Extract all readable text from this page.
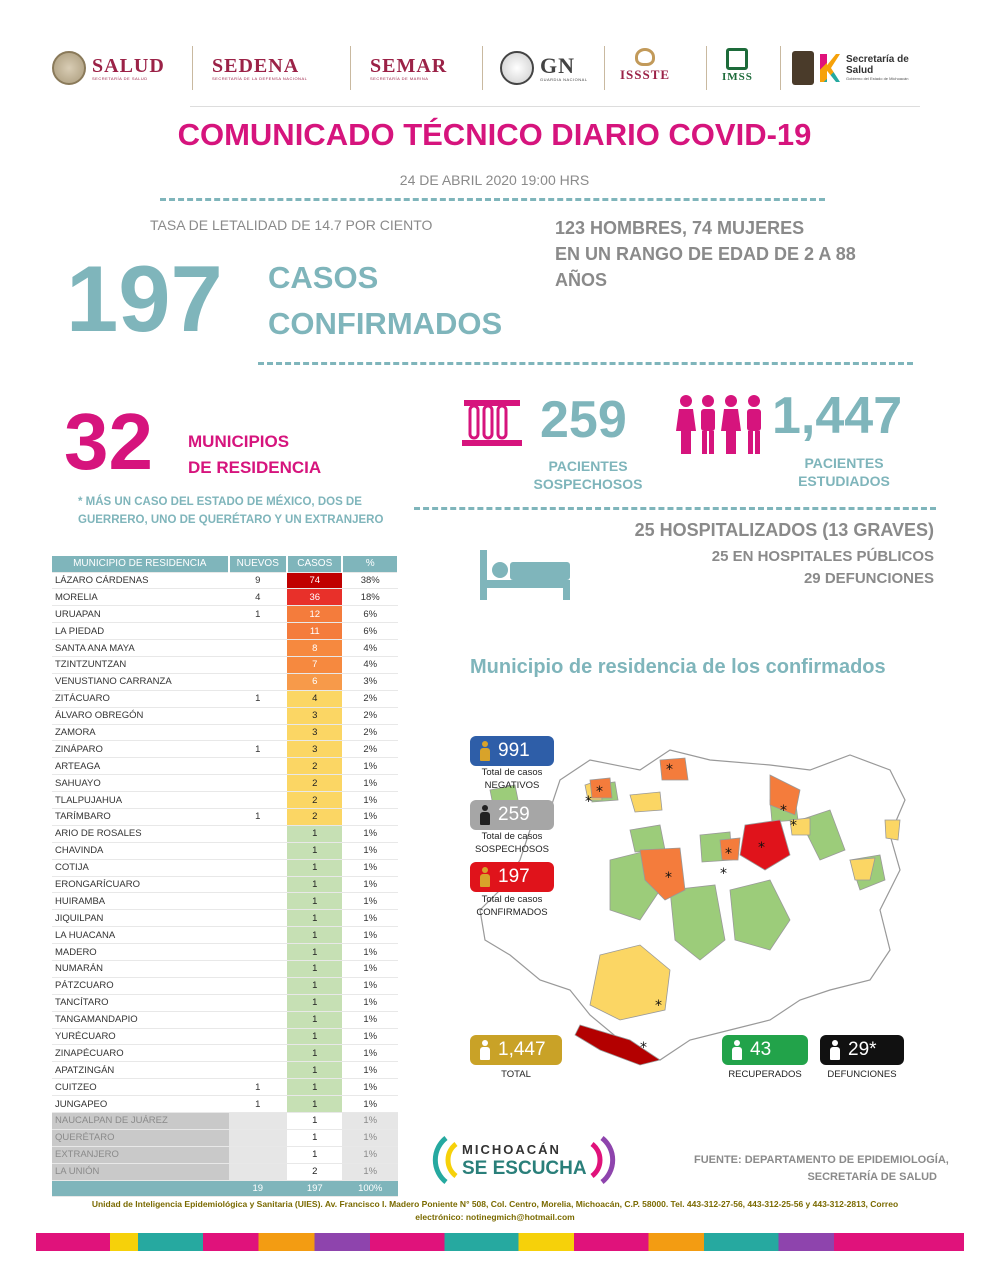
SALUD
SECRETARÍA DE SALUD
SEDENA
SECRETARÍA DE LA DEFENSA NACIONAL
SEMAR
SECRETARÍA DE MARINA
GN
GUARDIA NACIONAL ISSSTE	IMSS
Secretaría de Salud
Gobierno del Estado de Michoacán
COMUNICADO TÉCNICO DIARIO COVID-19
24 DE ABRIL 2020 19:00 HRS
TASA DE LETALIDAD DE 14.7 POR CIENTO
197 CASOS
CONFIRMADOS
123 HOMBRES, 74 MUJERES
EN UN RANGO DE EDAD DE 2 A 88
AÑOS
32 MUNICIPIOS
DE RESIDENCIA
* MÁS UN CASO DEL ESTADO DE MÉXICO, DOS DE
GUERRERO, UNO DE QUERÉTARO Y UN EXTRANJERO
MUNICIPIO DE RESIDENCIA	NUEVOS	CASOS	%
LÁZARO CÁRDENAS	9	74	38%
MORELIA	4	36	18%
URUAPAN	1	12	6%
LA PIEDAD		11	6%
SANTA ANA MAYA		8	4%
TZINTZUNTZAN		7	4%
VENUSTIANO CARRANZA		6	3%
ZITÁCUARO	1	4	2%
ÁLVARO OBREGÓN		3	2%
ZAMORA		3	2%
ZINÁPARO	1	3	2%
ARTEAGA		2	1%
SAHUAYO		2	1%
TLALPUJAHUA		2	1%
TARÍMBARO	1	2	1%
ARIO DE ROSALES		1	1%
CHAVINDA		1	1%
COTIJA		1	1%
ERONGARÍCUARO		1	1%
HUIRAMBA		1	1%
JIQUILPAN		1	1%
LA HUACANA		1	1%
MADERO		1	1%
NUMARÁN		1	1%
PÁTZCUARO		1	1%
TANCÍTARO		1	1%
TANGAMANDAPIO		1	1%
YURÉCUARO		1	1%
ZINAPÉCUARO		1	1%
APATZINGÁN		1	1%
CUITZEO	1	1	1%
JUNGAPEO	1	1	1%
NAUCALPAN DE JUÁREZ		1	1%
QUERÉTARO		1	1%
EXTRANJERO		1	1%
LA UNIÓN		2	1%
	19	197	100%
259
PACIENTES
SOSPECHOSOS
1,447
PACIENTES
ESTUDIADOS
25 HOSPITALIZADOS (13 GRAVES)
25 EN HOSPITALES PÚBLICOS
29 DEFUNCIONES
Municipio de residencia de los confirmados
*
*
*
*
*
*
*
*
*
*
*
991
Total de casos
NEGATIVOS
259
Total de casos
SOSPECHOSOS
197
Total de casos
CONFIRMADOS
1,447
TOTAL
43
RECUPERADOS
29*
DEFUNCIONES
MICHOACÁN
SE ESCUCHA	FUENTE: DEPARTAMENTO DE EPIDEMIOLOGÍA,
SECRETARÍA DE SALUD
Unidad de Inteligencia Epidemiológica y Sanitaria (UIES). Av. Francisco I. Madero Poniente N° 508, Col. Centro, Morelia, Michoacán, C.P. 58000. Tel. 443-312-27-56, 443-312-25-56 y 443-312-2813, Correo
electrónico: notinegmich@hotmail.com
